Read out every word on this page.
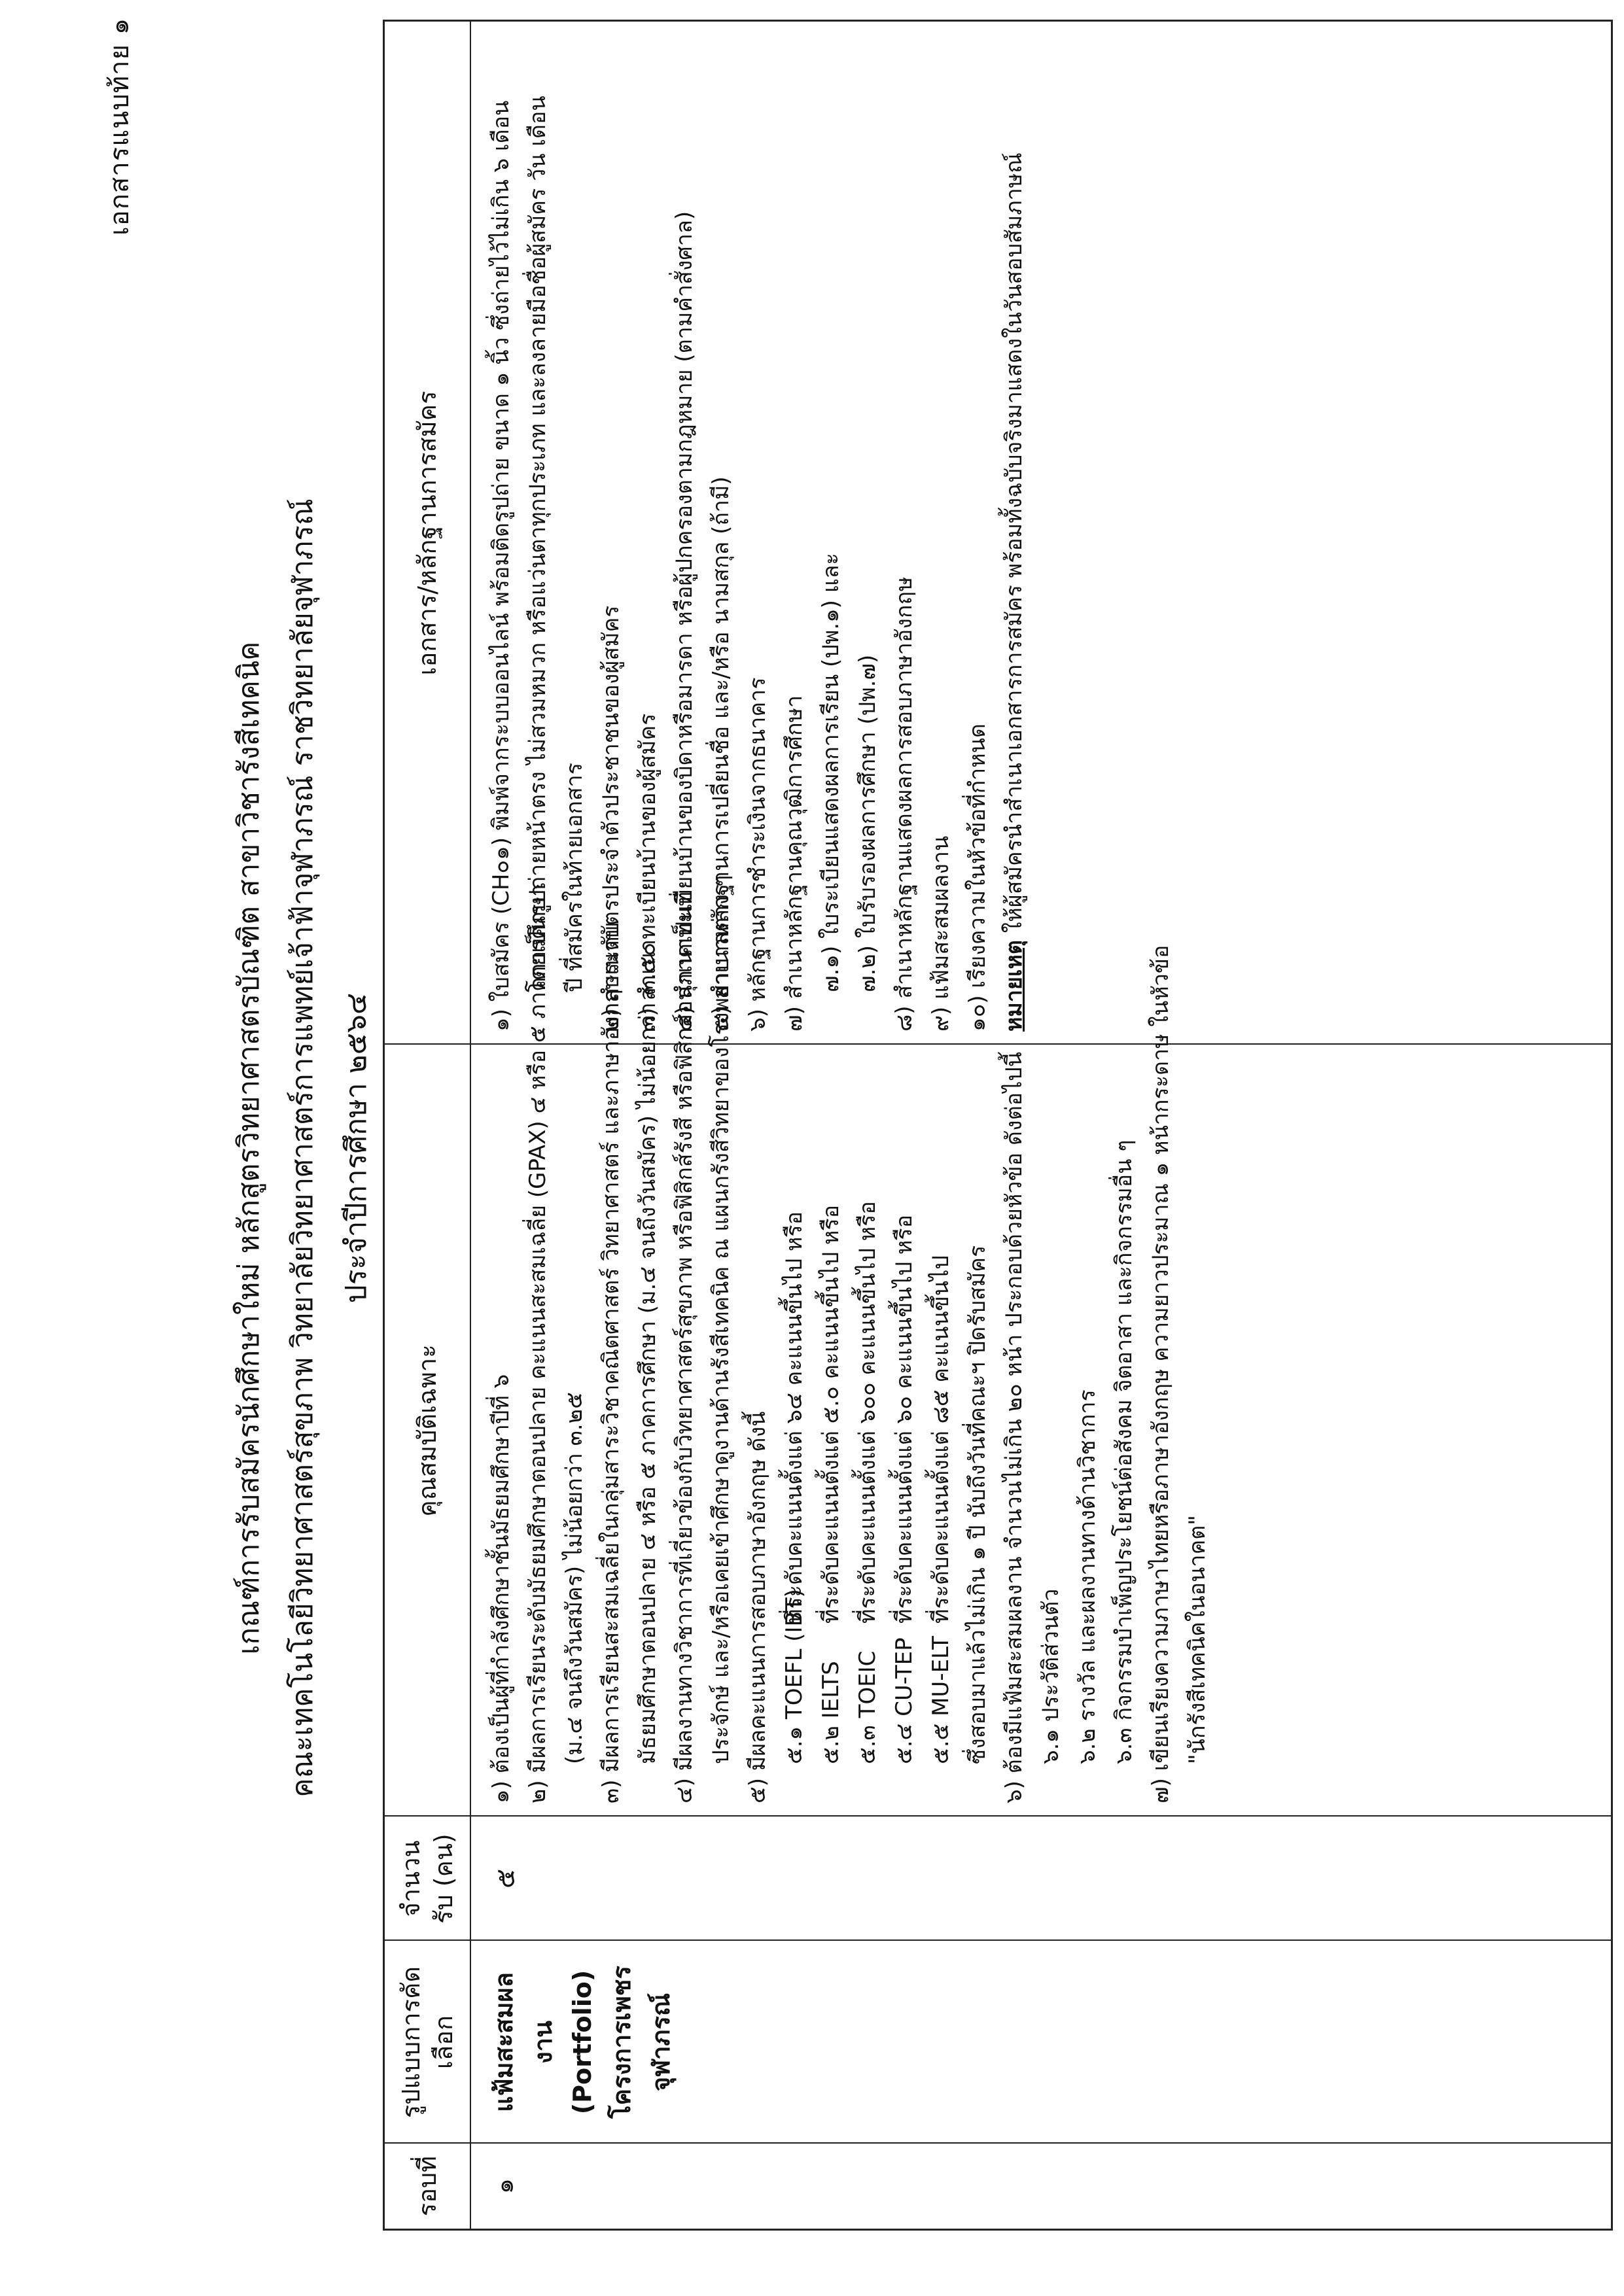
เอกสารแนบท้าย ๑
เกณฑ์การรับสมัครนักศึกษาใหม่ หลักสูตรวิทยาศาสตรบัณฑิต สาขาวิชารังสีเทคนิค คณะเทคโนโลยีวิทยาศาสตร์สุขภาพ วิทยาลัยวิทยาศาสตร์การแพทย์เจ้าฟ้าจุฬาภรณ์ ราชวิทยาลัยจุฬาภรณ์ ประจำปีการศึกษา ๒๕๖๔
รอบที่
รูปแบบการคัดเลือก
จำนวนรับ (คน)
คุณสมบัติเฉพาะ
เอกสาร/หลักฐานการสมัคร
๑
แฟ้มสะสมผลงาน (Portfolio) โครงการเพชรจุฬาภรณ์
๕
๑) ต้องเป็นผู้ที่กำลังศึกษาชั้นมัธยมศึกษาปีที่ ๖ ๒) มีผลการเรียนระดับมัธยมศึกษาตอนปลาย คะแนนสะสมเฉลี่ย (GPAX) ๔ หรือ ๕ ภาคการศึกษา (ม.๔ จนถึงวันสมัคร) ไม่น้อยกว่า ๓.๒๕ ๓) มีผลการเรียนสะสมเฉลี่ยในกลุ่มสาระวิชาคณิตศาสตร์ วิทยาศาสตร์ และภาษาอังกฤษระดับ มัธยมศึกษาตอนปลาย ๔ หรือ ๕ ภาคการศึกษา (ม.๔ จนถึงวันสมัคร) ไม่น้อยกว่า ๓.๕๐ ๔) มีผลงานทางวิชาการที่เกี่ยวข้องกับวิทยาศาสตร์สุขภาพ หรือฟิสิกส์รังสี หรือฟิสิกส์อนุภาคเป็นที่ ประจักษ์ และ/หรือเคยเข้าศึกษาดูงานด้านรังสีเทคนิค ณ แผนกรังสีวิทยาของโรงพยาบาลต่าง ๆ ๕) มีผลคะแนนการสอบภาษาอังกฤษ ดังนี้ ๕.๑ TOEFL (IBT)ที่ระดับคะแนนตั้งแต่ ๖๔ คะแนนขึ้นไป หรือ ๕.๒ IELTSที่ระดับคะแนนตั้งแต่ ๕.๐ คะแนนขึ้นไป หรือ ๕.๓ TOEICที่ระดับคะแนนตั้งแต่ ๖๐๐ คะแนนขึ้นไป หรือ ๕.๔ CU-TEPที่ระดับคะแนนตั้งแต่ ๖๐ คะแนนขึ้นไป หรือ ๕.๕ MU-ELTที่ระดับคะแนนตั้งแต่ ๘๕ คะแนนขึ้นไป ซึ่งสอบมาแล้วไม่เกิน ๑ ปี นับถึงวันที่คณะฯ ปิดรับสมัคร ๖) ต้องมีแฟ้มสะสมผลงาน จำนวนไม่เกิน ๒๐ หน้า ประกอบด้วยหัวข้อ ดังต่อไปนี้ ๖.๑ ประวัติส่วนตัว ๖.๒ รางวัล และผลงานทางด้านวิชาการ ๖.๓ กิจกรรมบำเพ็ญประโยชน์ต่อสังคม จิตอาสา และกิจกรรมอื่น ๆ ๗) เขียนเรียงความภาษาไทยหรือภาษาอังกฤษ ความยาวประมาณ ๑ หน้ากระดาษ ในหัวข้อ "นักรังสีเทคนิคในอนาคต"
๑) ใบสมัคร (CH๐๑) พิมพ์จากระบบออนไลน์ พร้อมติดรูปถ่าย ขนาด ๑ นิ้ว ซึ่งถ่ายไว้ไม่เกิน ๖ เดือน โดยเป็นรูปถ่ายหน้าตรง ไม่สวมหมวก หรือแว่นตาทุกประเภท และลงลายมือชื่อผู้สมัคร วัน เดือน ปี ที่สมัครในท้ายเอกสาร ๒) สำเนาบัตรประจำตัวประชาชนของผู้สมัคร ๓) สำเนาทะเบียนบ้านของผู้สมัคร ๔) สำเนาทะเบียนบ้านของบิดาหรือมารดา หรือผู้ปกครองตามกฎหมาย (ตามคำสั่งศาล) ๕) สำเนาหลักฐานการเปลี่ยนชื่อ และ/หรือ นามสกุล (ถ้ามี) ๖) หลักฐานการชำระเงินจากธนาคาร ๗) สำเนาหลักฐานคุณวุฒิการศึกษา ๗.๑) ใบระเบียนแสดงผลการเรียน (ปพ.๑) และ ๗.๒) ใบรับรองผลการศึกษา (ปพ.๗) ๘) สำเนาหลักฐานแสดงผลการสอบภาษาอังกฤษ ๙) แฟ้มสะสมผลงาน ๑๐) เรียงความในหัวข้อที่กำหนด หมายเหตุ ให้ผู้สมัครนำสำเนาเอกสารการสมัคร พร้อมทั้งฉบับจริงมาแสดงในวันสอบสัมภาษณ์
